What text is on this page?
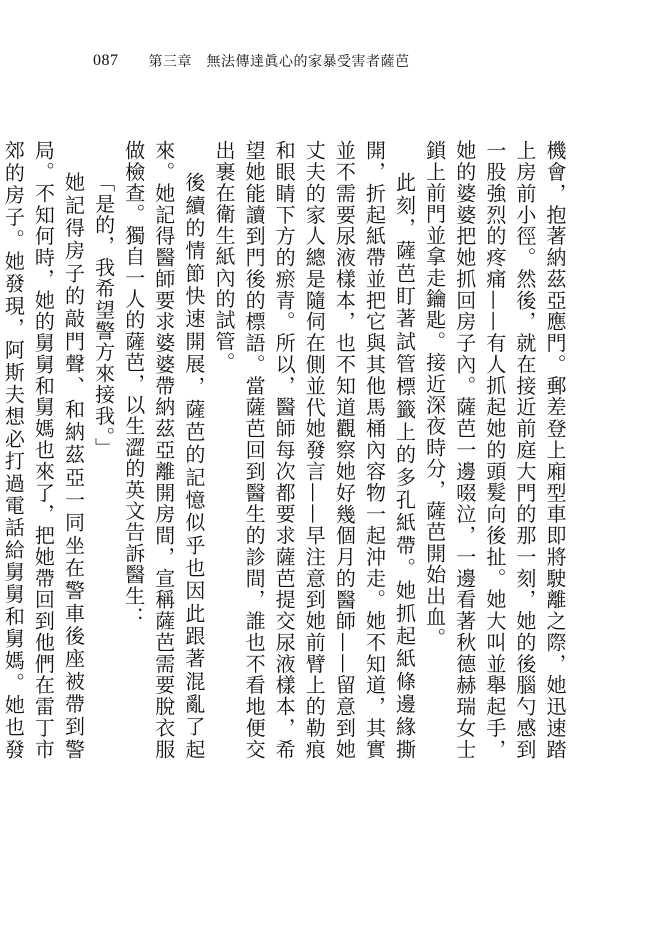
087 第三章　無法傳達眞心的家暴受害者薩芭

機會，抱著納茲亞應門。郵差登上廂型車即將駛離之際，她迅速踏上房前小徑。然後，就在接近前庭大門的那一刻，她的後腦勺感到一股強烈的疼痛——有人抓起她的頭髮向後扯。她大叫並舉起手，她的婆婆把她抓回房子內。薩芭一邊啜泣，一邊看著秋德赫瑞女士鎖上前門並拿走鑰匙。接近深夜時分，薩芭開始出血。

此刻，薩芭盯著試管標籤上的多孔紙帶。她抓起紙條邊緣撕開，折起紙帶並把它與其他馬桶內容物一起沖走。她不知道，其實並不需要尿液樣本，也不知道觀察她好幾個月的醫師——留意到她丈夫的家人總是隨伺在側並代她發言——早注意到她前臂上的勒痕和眼睛下方的瘀青。所以，醫師每次都要求薩芭提交尿液樣本，希望她能讀到門後的標語。當薩芭回到醫生的診間，誰也不看地便交出裹在衛生紙內的試管。

後續的情節快速開展，薩芭的記憶似乎也因此跟著混亂了起來。她記得醫師要求婆婆帶納茲亞離開房間，宣稱薩芭需要脫衣服做檢查。獨自一人的薩芭，以生澀的英文告訴醫生：

「是的，我希望警方來接我。」

她記得房子的敲門聲、和納茲亞一同坐在警車後座被帶到警局。不知何時，她的舅舅和舅媽也來了，把她帶回到他們在雷丁市郊的房子。她發現，阿斯夫想必打過電話給舅舅和舅媽。她也發
